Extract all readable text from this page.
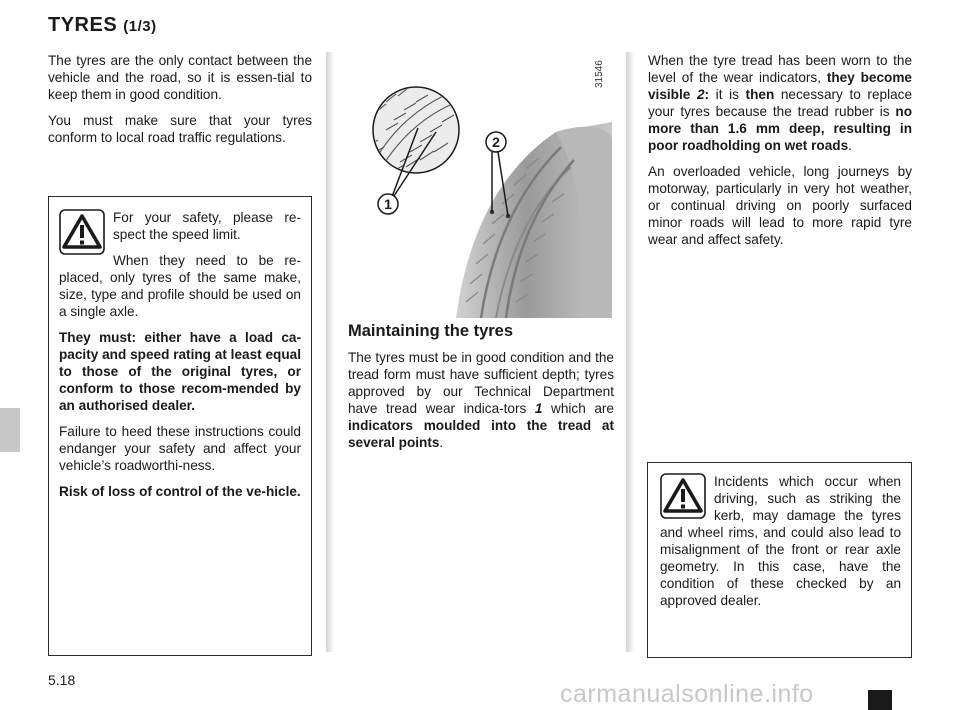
TYRES (1/3)

The tyres are the only contact between the vehicle and the road, so it is essen-tial to keep them in good condition.

You must make sure that your tyres conform to local road traffic regulations.

For your safety, please re-spect the speed limit.

When they need to be re-placed, only tyres of the same make, size, type and profile should be used on a single axle.

They must: either have a load ca-pacity and speed rating at least equal to those of the original tyres, or conform to those recom-mended by an authorised dealer.

Failure to heed these instructions could endanger your safety and affect your vehicle’s roadworthi-ness.

Risk of loss of control of the ve-hicle.

1
2
31546
Maintaining the tyres

The tyres must be in good condition and the tread form must have sufficient depth; tyres approved by our Technical Department have tread wear indica-tors 1 which are indicators moulded into the tread at several points.

When the tyre tread has been worn to the level of the wear indicators, they become visible 2: it is then necessary to replace your tyres because the tread rubber is no more than 1.6 mm deep, resulting in poor roadholding on wet roads.

An overloaded vehicle, long journeys by motorway, particularly in very hot weather, or continual driving on poorly surfaced minor roads will lead to more rapid tyre wear and affect safety.

Incidents which occur when driving, such as striking the kerb, may damage the tyres and wheel rims, and could also lead to misalignment of the front or rear axle geometry. In this case, have the condition of these checked by an approved dealer.

5.18	carmanualsonline.info
